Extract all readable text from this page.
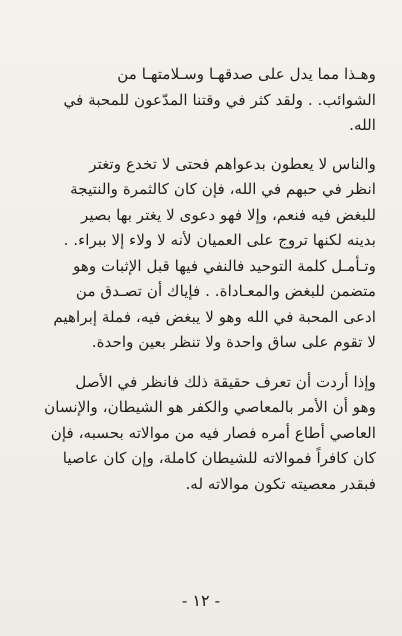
وهـذا مما يدل على صدقهـا وسـلامتهـا من

الشوائب. . ولقد كثر في وقتنا المدّعون للمحبة في

الله.

والناس لا يعطون بدعواهم فحتى لا تخدع وتغتر

انظر في حبهم في الله، فإن كان كالثمرة والنتيجة

للبغض فيه فنعم، وإلا فهو دعوى لا يغتر بها بصير

بدينه لكنها تروج على العميان لأنه لا ولاء إلا ببراء. .

وتـأمـل كلمة التوحيد فالنفي فيها قبل الإثبات وهو

متضمن للبغض والمعـاداة. . فإياك أن تصـدق من

ادعى المحبة في الله وهو لا يبغض فيه، فملة إبراهيم

لا تقوم على ساق واحدة ولا تنظر بعين واحدة.

وإذا أردت أن تعرف حقيقة ذلك فانظر في الأصل

وهو أن الأمر بالمعاصي والكفر هو الشيطان، والإنسان

العاصي أطاع أمره فصار فيه من موالاته بحسبه، فإن

كان كافراً فموالاته للشيطان كاملة، وإن كان عاصيا

فبقدر معصيته تكون موالاته له.

- ١٢ -
